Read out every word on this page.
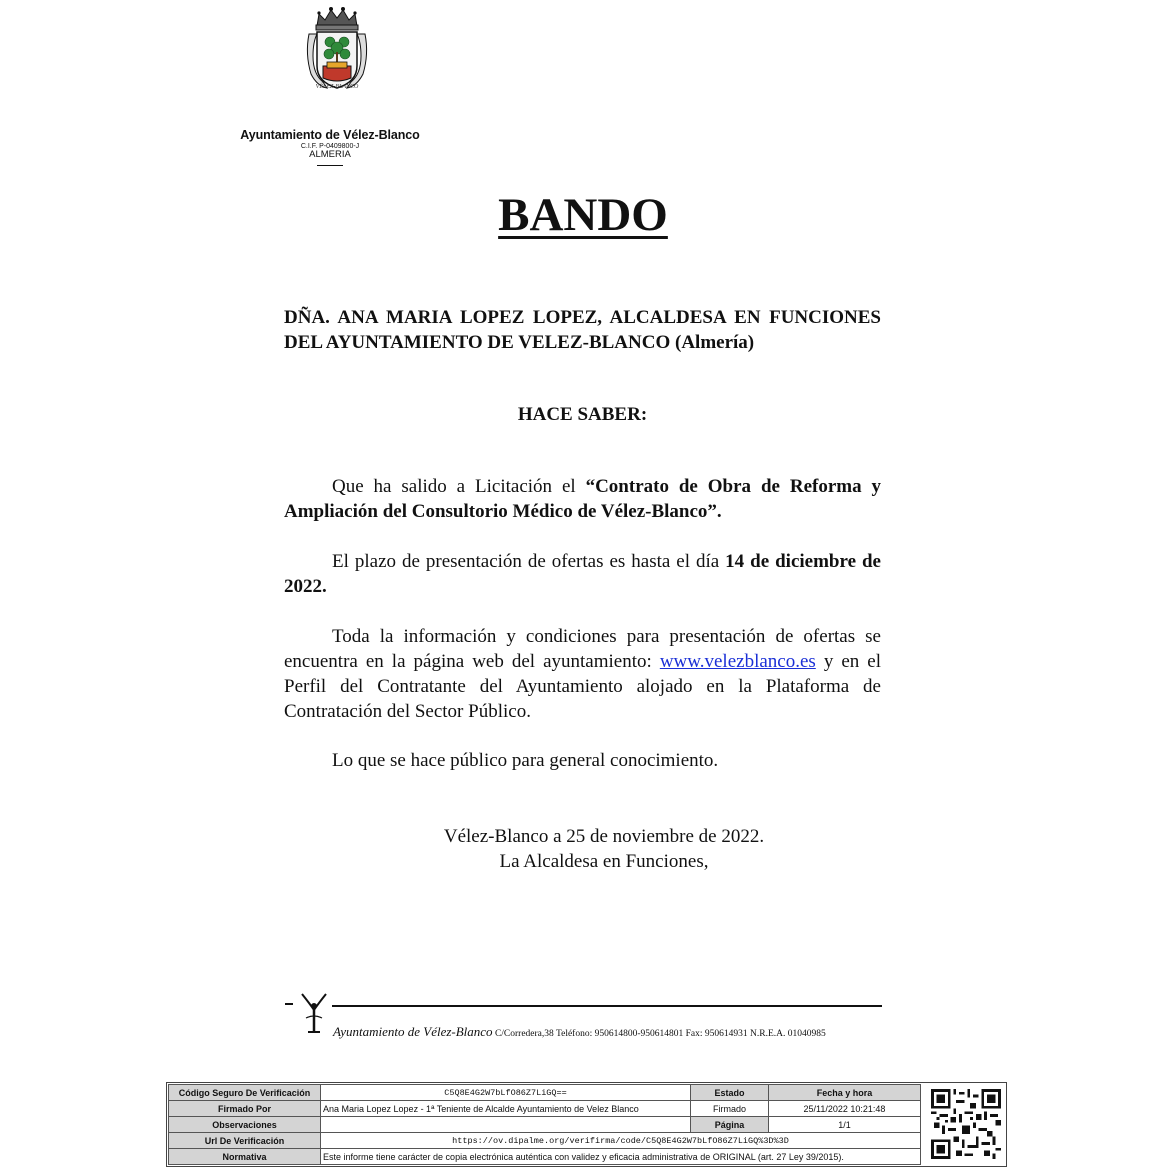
VÉLEZ-BLANCO
Ayuntamiento de Vélez-Blanco
C.I.F. P-0409800-J
ALMERIA
BANDO
DÑA. ANA MARIA LOPEZ LOPEZ, ALCALDESA EN FUNCIONES DEL AYUNTAMIENTO DE VELEZ-BLANCO (Almería)
HACE SABER:
Que ha salido a Licitación el “Contrato de Obra de Reforma y Ampliación del Consultorio Médico de Vélez-Blanco”.
El plazo de presentación de ofertas es hasta el día 14 de diciembre de 2022.
Toda la información y condiciones para presentación de ofertas se encuentra en la página web del ayuntamiento: www.velezblanco.es y en el Perfil del Contratante del Ayuntamiento alojado en la Plataforma de Contratación del Sector Público.
Lo que se hace público para general conocimiento.
Vélez-Blanco a 25 de noviembre de 2022.
La Alcaldesa en Funciones,
Ayuntamiento de Vélez-Blanco C/Corredera,38 Teléfono: 950614800-950614801 Fax: 950614931 N.R.E.A. 01040985
Código Seguro De Verificación	C5Q8E4G2W7bLfO86Z7LiGQ==	Estado	Fecha y hora
Firmado Por	Ana Maria Lopez Lopez - 1ª Teniente de Alcalde Ayuntamiento de Velez Blanco	Firmado	25/11/2022 10:21:48
Observaciones		Página	1/1
Url De Verificación	https://ov.dipalme.org/verifirma/code/C5Q8E4G2W7bLfO86Z7LiGQ%3D%3D		
Normativa	Este informe tiene carácter de copia electrónica auténtica con validez y eficacia administrativa de ORIGINAL (art. 27 Ley 39/2015).		
